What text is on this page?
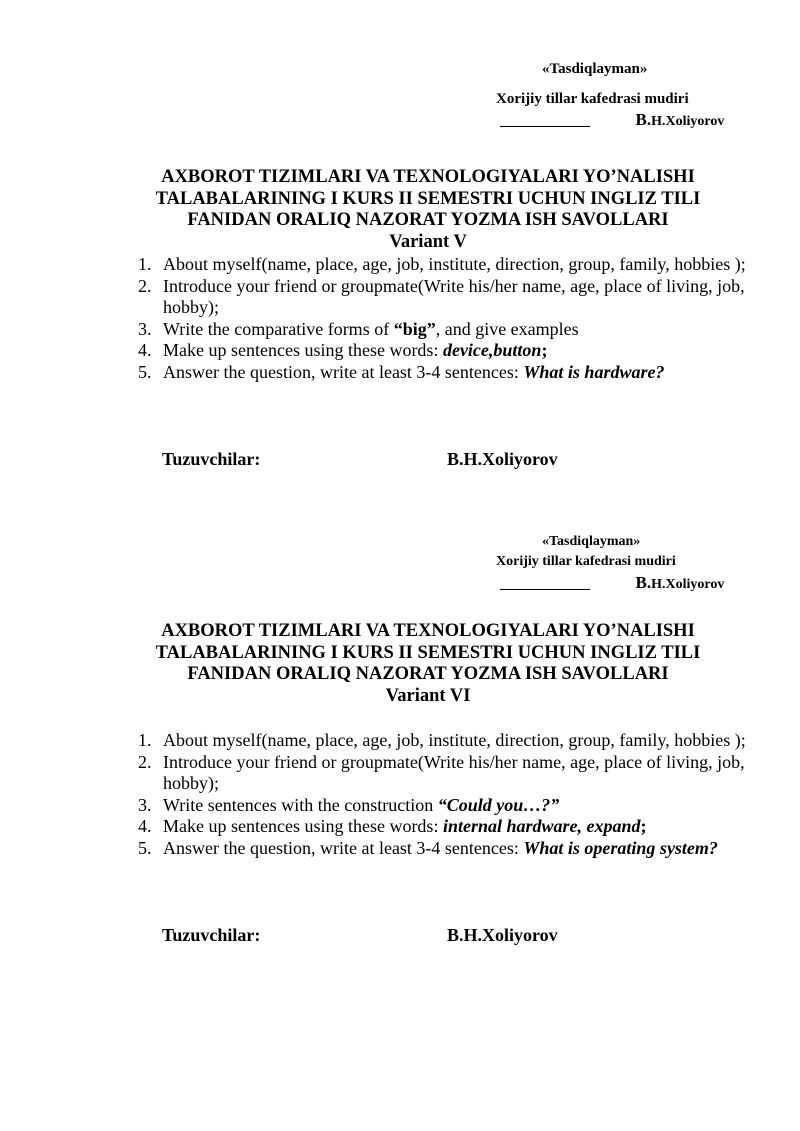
«Tasdiqlayman»
Xorijiy tillar kafedrasi mudiri
____________	B.H.Xoliyorov
AXBOROT TIZIMLARI VA TEXNOLOGIYALARI YO’NALISHI
TALABALARINING I KURS II SEMESTRI UCHUN INGLIZ TILI
FANIDAN ORALIQ NAZORAT YOZMA ISH SAVOLLARI
Variant V
1. About myself(name, place, age, job, institute, direction, group, family, hobbies );
2. Introduce your friend or groupmate(Write his/her name, age, place of living, job, hobby);
3. Write the comparative forms of “big”, and give examples
4. Make up sentences using these words: device,button;
5. Answer the question, write at least 3-4 sentences: What is hardware?
Tuzuvchilar:	B.H.Xoliyorov
«Tasdiqlayman»
Xorijiy tillar kafedrasi mudiri
____________	B.H.Xoliyorov
AXBOROT TIZIMLARI VA TEXNOLOGIYALARI YO’NALISHI
TALABALARINING I KURS II SEMESTRI UCHUN INGLIZ TILI
FANIDAN ORALIQ NAZORAT YOZMA ISH SAVOLLARI
Variant VI
1. About myself(name, place, age, job, institute, direction, group, family, hobbies );
2. Introduce your friend or groupmate(Write his/her name, age, place of living, job, hobby);
3. Write sentences with the construction “Could you…?”
4. Make up sentences using these words: internal hardware, expand;
5. Answer the question, write at least 3-4 sentences: What is operating system?
Tuzuvchilar:	B.H.Xoliyorov
